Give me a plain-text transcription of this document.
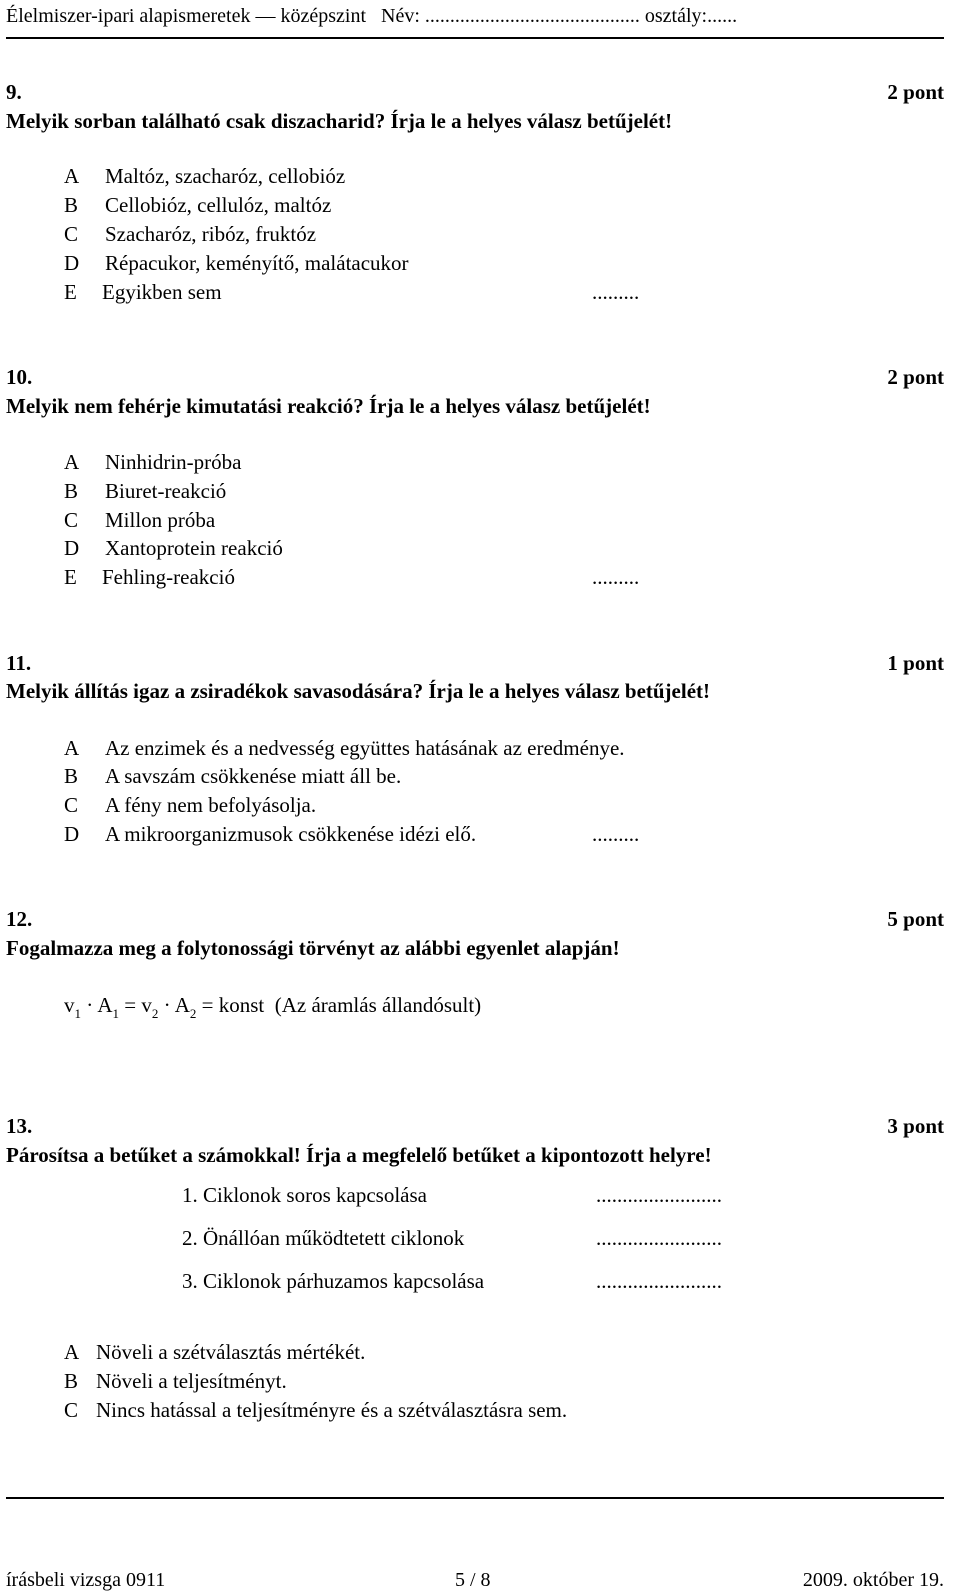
Élelmiszer-ipari alapismeretek — középszint   Név: ........................................... osztály:......
9.	2 pont
Melyik sorban található csak diszacharid? Írja le a helyes válasz betűjelét!
A Maltóz, szacharóz, cellobióz
B Cellobióz, cellulóz, maltóz
C Szacharóz, ribóz, fruktóz
D Répacukor, keményítő, malátacukor
E Egyikben sem	.........
10.	2 pont
Melyik nem fehérje kimutatási reakció? Írja le a helyes válasz betűjelét!
A Ninhidrin-próba
B Biuret-reakció
C Millon próba
D Xantoprotein reakció
E Fehling-reakció	.........
11.	1 pont
Melyik állítás igaz a zsiradékok savasodására? Írja le a helyes válasz betűjelét!
A Az enzimek és a nedvesség együttes hatásának az eredménye.
B A savszám csökkenése miatt áll be.
C A fény nem befolyásolja.
D A mikroorganizmusok csökkenése idézi elő.	.........
12.	5 pont
Fogalmazza meg a folytonossági törvényt az alábbi egyenlet alapján!
$v_1 \cdot A_1 = v_2 \cdot A_2$ = konst  (Az áramlás állandósult)
13.	3 pont
Párosítsa a betűket a számokkal! Írja a megfelelő betűket a kipontozott helyre!
1. Ciklonok soros kapcsolása	........................
2. Önállóan működtetett ciklonok	........................
3. Ciklonok párhuzamos kapcsolása	........................
A Növeli a szétválasztás mértékét.
B Növeli a teljesítményt.
C Nincs hatással a teljesítményre és a szétválasztásra sem.
írásbeli vizsga 0911	5 / 8	2009. október 19.
